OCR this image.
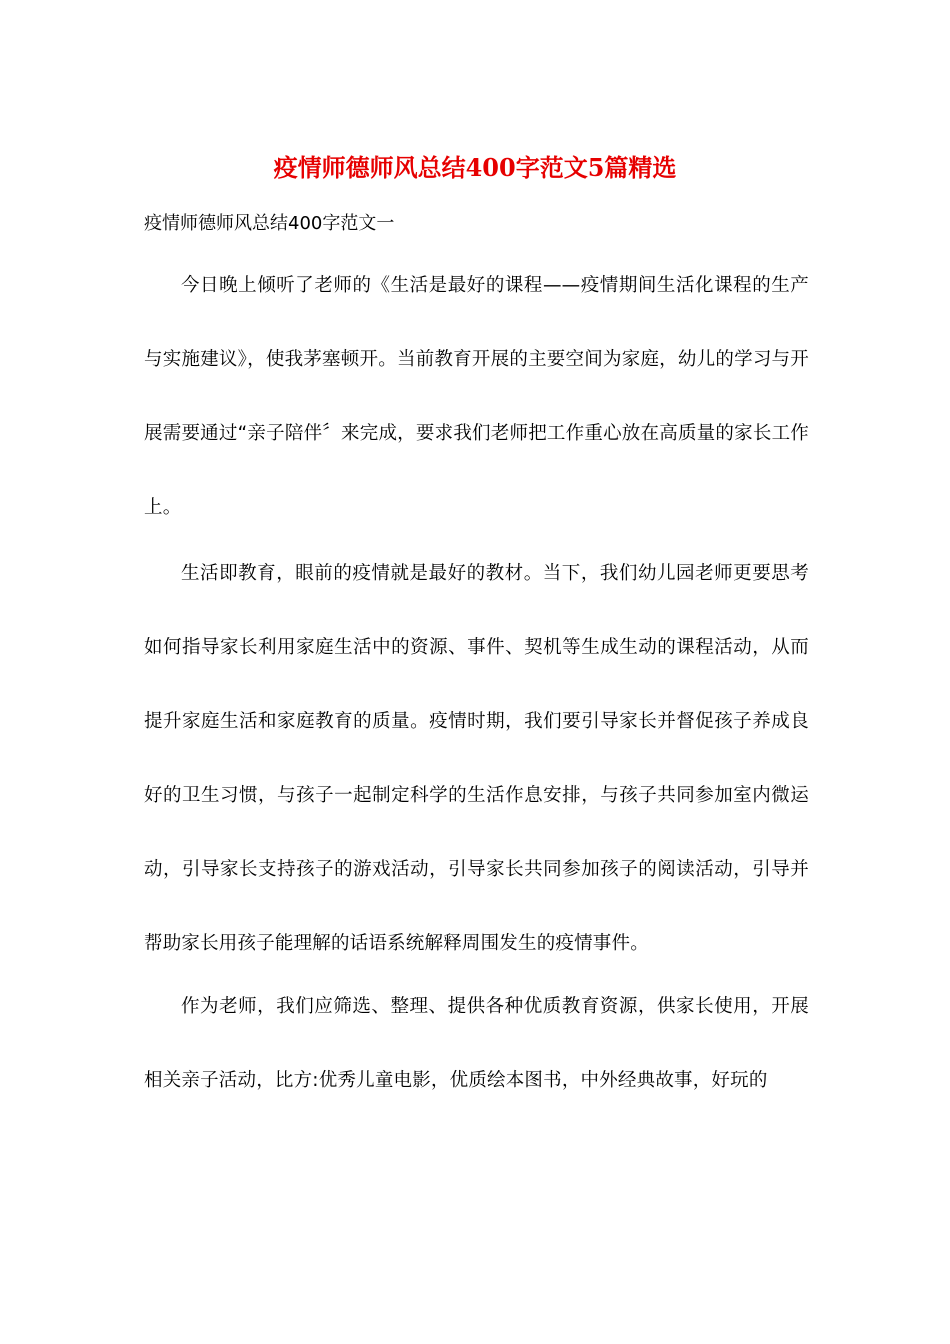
疫情师德师风总结400字范文5篇精选

疫情师德师风总结400字范文一

今日晚上倾听了老师的《生活是最好的课程——疫情期间生活化课程的生产与实施建议》，使我茅塞顿开。当前教育开展的主要空间为家庭，幼儿的学习与开展需要通过“亲子陪伴〞来完成，要求我们老师把工作重心放在高质量的家长工作上。

生活即教育，眼前的疫情就是最好的教材。当下，我们幼儿园老师更要思考如何指导家长利用家庭生活中的资源、事件、契机等生成生动的课程活动，从而提升家庭生活和家庭教育的质量。疫情时期，我们要引导家长并督促孩子养成良好的卫生习惯，与孩子一起制定科学的生活作息安排，与孩子共同参加室内微运动，引导家长支持孩子的游戏活动，引导家长共同参加孩子的阅读活动，引导并帮助家长用孩子能理解的话语系统解释周围发生的疫情事件。

作为老师，我们应筛选、整理、提供各种优质教育资源，供家长使用，开展相关亲子活动，比方:优秀儿童电影，优质绘本图书，中外经典故事，好玩的
